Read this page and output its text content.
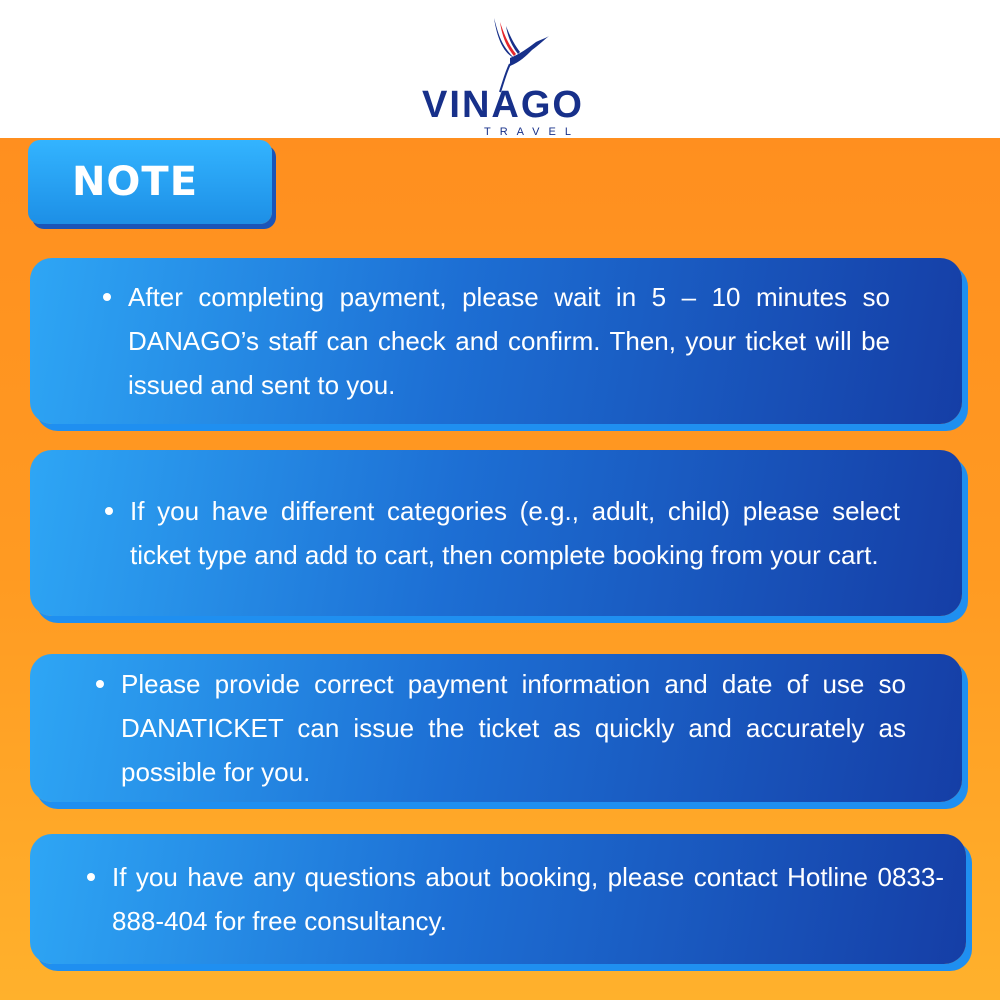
VINAGO
TRAVEL
NOTE
After completing payment, please wait in 5 – 10 minutes so DANAGO’s staff can check and confirm. Then, your ticket will be issued and sent to you.
If you have different categories (e.g., adult, child) please select ticket type and add to cart, then complete booking from your cart.
Please provide correct payment information and date of use so DANATICKET can issue the ticket as quickly and accurately as possible for you.
If you have any questions about booking, please contact Hotline 0833-888-404 for free consultancy.
